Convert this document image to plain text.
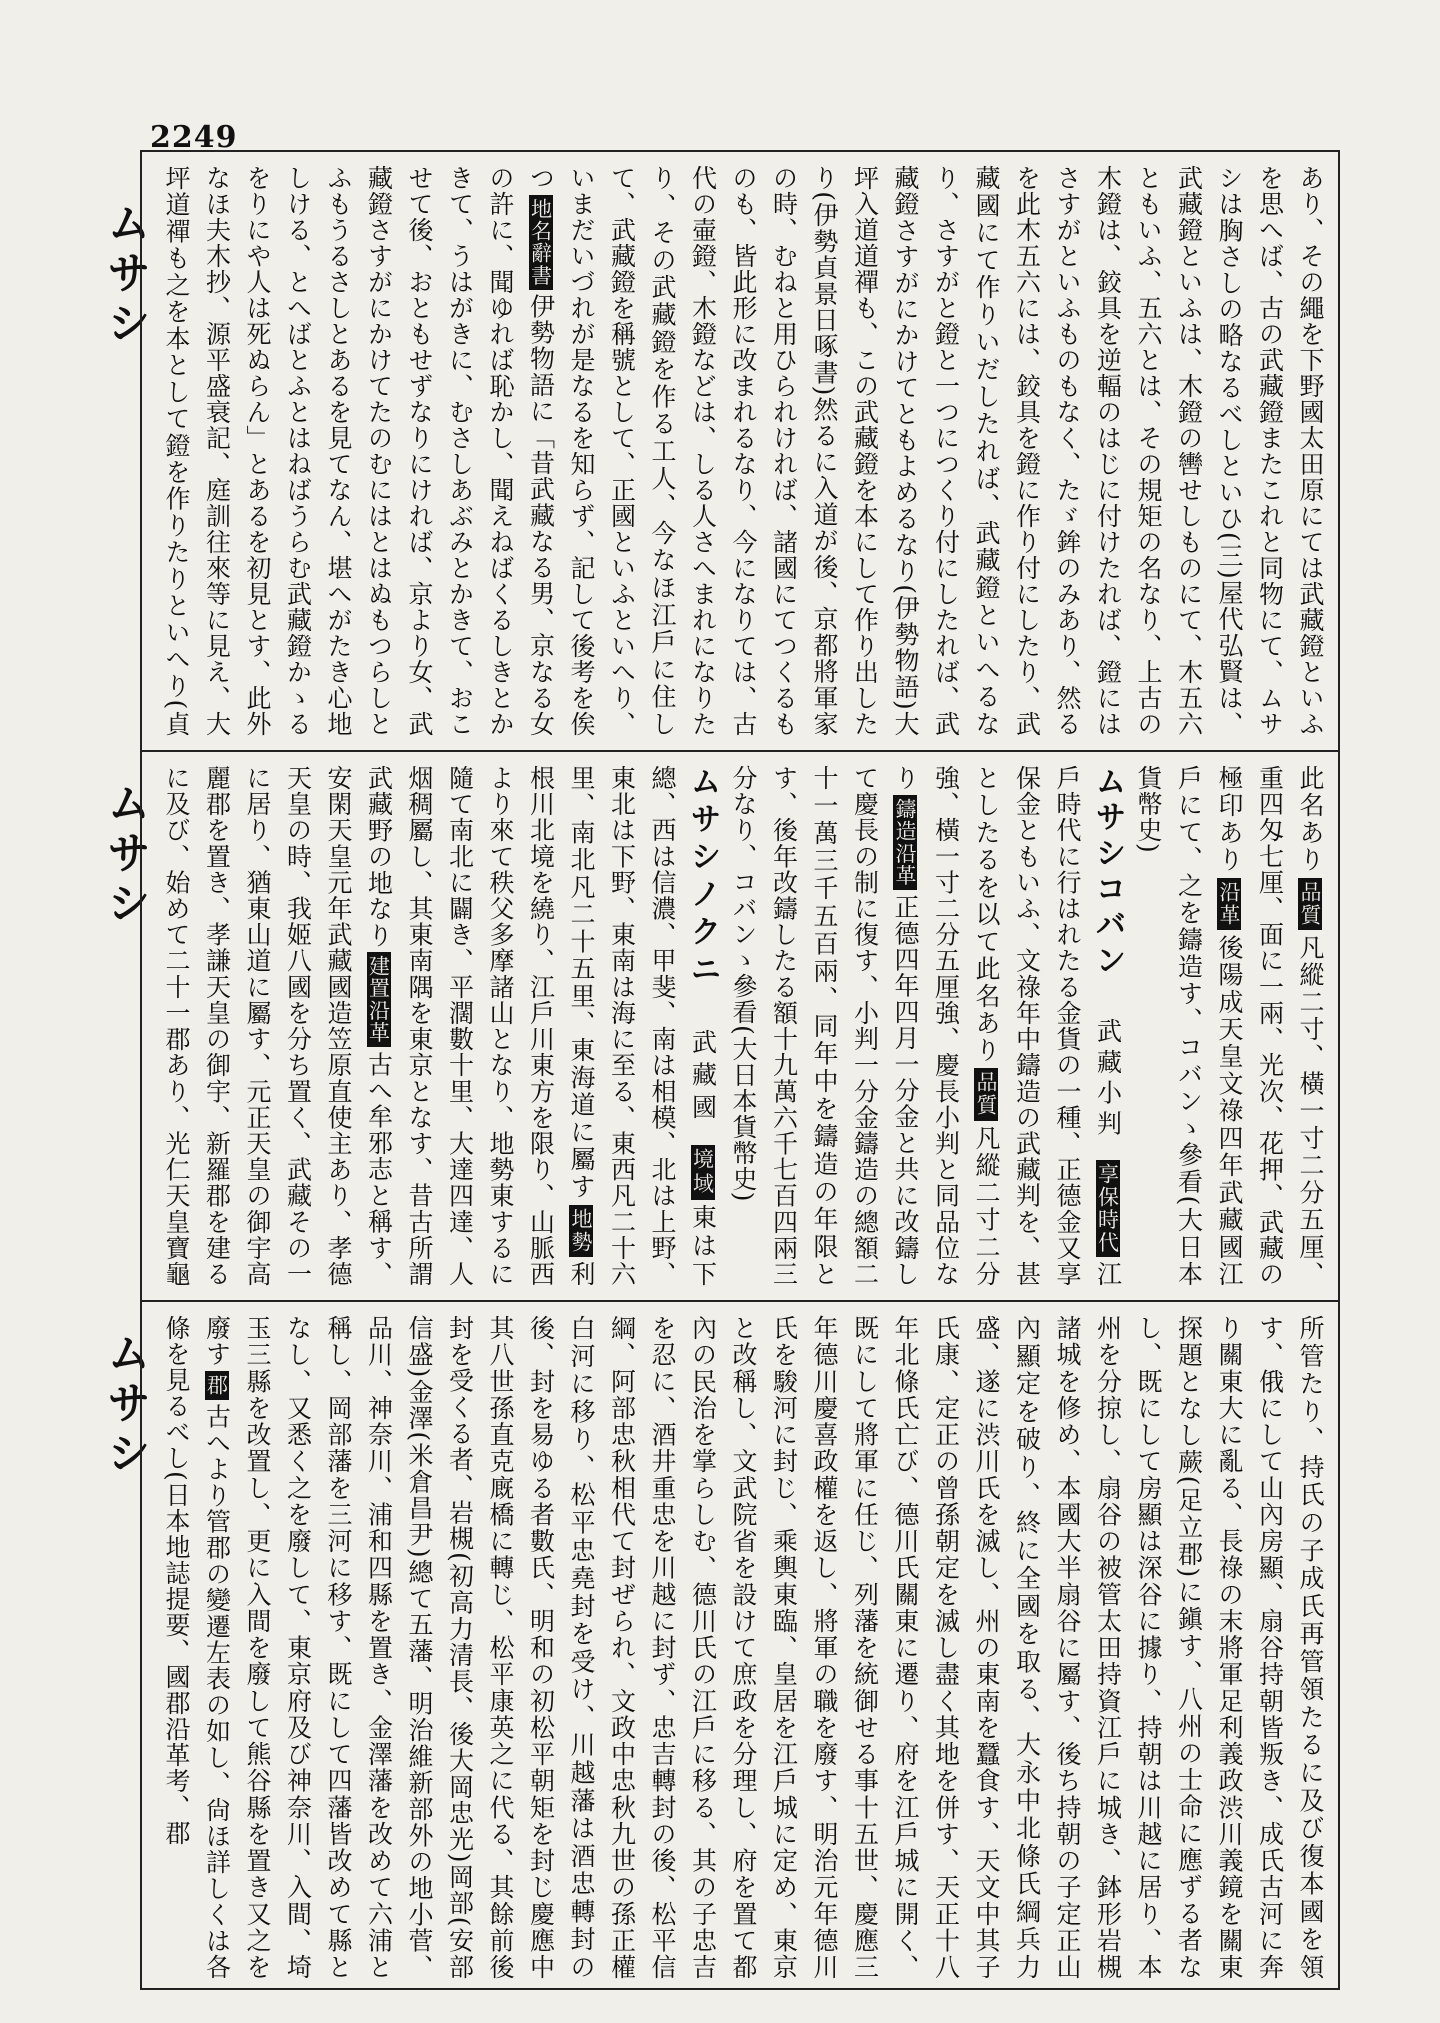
2249
ムサシ
ムサシ
ムサシ
あり、その繩を下野國太田原にては武藏鐙といふを思へば、古の武藏鐙またこれと同物にて、ムサシは胸さしの略なるべしといひ(三)屋代弘賢は、武藏鐙といふは、木鐙の轡せしものにて、木五六ともいふ、五六とは、その規矩の名なり、上古の木鐙は、鉸具を逆輻のはじに付けたれば、鐙にはさすがといふものもなく、たゞ鉾のみあり、然るを此木五六には、鉸具を鐙に作り付にしたり、武藏國にて作りいだしたれば、武藏鐙といへるなり、さすがと鐙と一つにつくり付にしたれば、武藏鐙さすがにかけてともよめるなり(伊勢物語)大坪入道道禪も、この武藏鐙を本にして作り出したり(伊勢貞景日啄書)然るに入道が後、京都將軍家の時、むねと用ひられければ、諸國にてつくるものも、皆此形に改まれるなり、今になりては、古代の壷鐙、木鐙などは、しる人さへまれになりたり、その武藏鐙を作る工人、今なほ江戶に住して、武藏鐙を稱號として、正國といふといへり、いまだいづれが是なるを知らず、記して後考を俟つ地名辭書伊勢物語に「昔武藏なる男、京なる女の許に、聞ゆれば恥かし、聞えねばくるしきとかきて、うはがきに、むさしあぶみとかきて、おこせて後、おともせずなりにければ、京より女、武藏鐙さすがにかけてたのむにはとはぬもつらしとふもうるさしとあるを見てなん、堪へがたき心地しける、とへばとふとはねばうらむ武藏鐙かゝるをりにや人は死ぬらん」とあるを初見とす、此外なほ夫木抄、源平盛衰記、庭訓往來等に見え、大坪道禪も之を本として鐙を作りたりといへり(貞
此名あり品質凡縱二寸、橫一寸二分五厘、重四匁七厘、面に一兩、光次、花押、武藏の極印あり沿革後陽成天皇文祿四年武藏國江戶にて、之を鑄造す、コバンゝ參看(大日本貨幣史)
ムサシコバン武藏小判享保時代江戶時代に行はれたる金貨の一種、正德金又享保金ともいふ、文祿年中鑄造の武藏判を、甚としたるを以て此名あり品質凡縱二寸二分強、橫一寸二分五厘強、慶長小判と同品位なり鑄造沿革正德四年四月一分金と共に改鑄して慶長の制に復す、小判一分金鑄造の總額二十一萬三千五百兩、同年中を鑄造の年限とす、後年改鑄したる額十九萬六千七百四兩三分なり、コバンゝ參看(大日本貨幣史)
ムサシノクニ武藏國境域東は下總、西は信濃、甲斐、南は相模、北は上野、東北は下野、東南は海に至る、東西凡二十六里、南北凡二十五里、東海道に屬す地勢利根川北境を繞り、江戶川東方を限り、山脈西より來て秩父多摩諸山となり、地勢東するに隨て南北に闢き、平濶數十里、大達四達、人烟稠屬し、其東南隅を東京となす、昔古所謂武藏野の地なり建置沿革古へ牟邪志と稱す、安閑天皇元年武藏國造笠原直使主あり、孝德天皇の時、我姬八國を分ち置く、武藏その一に居り、猶東山道に屬す、元正天皇の御宇高麗郡を置き、孝謙天皇の御宇、新羅郡を建るに及び、始めて二十一郡あり、光仁天皇寶龜
所管たり、持氏の子成氏再管領たるに及び復本國を領す、俄にして山內房顯、扇谷持朝皆叛き、成氏古河に奔り關東大に亂る、長祿の末將軍足利義政渋川義鏡を關東探題となし蕨(足立郡)に鎭す、八州の士命に應ずる者なし、既にして房顯は深谷に據り、持朝は川越に居り、本州を分掠し、扇谷の被管太田持資江戶に城き、鉢形岩槻諸城を修め、本國大半扇谷に屬す、後ち持朝の子定正山內顯定を破り、終に全國を取る、大永中北條氏綱兵力盛、遂に渋川氏を滅し、州の東南を蠶食す、天文中其子氏康、定正の曾孫朝定を滅し盡く其地を併す、天正十八年北條氏亡び、德川氏關東に遷り、府を江戶城に開く、既にして將軍に任じ、列藩を統御せる事十五世、慶應三年德川慶喜政權を返し、將軍の職を廢す、明治元年德川氏を駿河に封じ、乘輿東臨、皇居を江戶城に定め、東京と改稱し、文武院省を設けて庶政を分理し、府を置て都內の民治を掌らしむ、德川氏の江戶に移る、其の子忠吉を忍に、酒井重忠を川越に封ず、忠吉轉封の後、松平信綱、阿部忠秋相代て封ぜられ、文政中忠秋九世の孫正權白河に移り、松平忠堯封を受け、川越藩は酒忠轉封の後、封を易ゆる者數氏、明和の初松平朝矩を封じ慶應中其八世孫直克廐橋に轉じ、松平康英之に代る、其餘前後封を受くる者、岩槻(初高力清長、後大岡忠光)岡部(安部信盛)金澤(米倉昌尹)總て五藩、明治維新部外の地小菅、品川、神奈川、浦和四縣を置き、金澤藩を改めて六浦と稱し、岡部藩を三河に移す、既にして四藩皆改めて縣となし、又悉く之を廢して、東京府及び神奈川、入間、埼玉三縣を改置し、更に入間を廢して熊谷縣を置き又之を廢す郡古へより管郡の變遷左表の如し、尙ほ詳しくは各條を見るべし(日本地誌提要、國郡沿革考、郡
